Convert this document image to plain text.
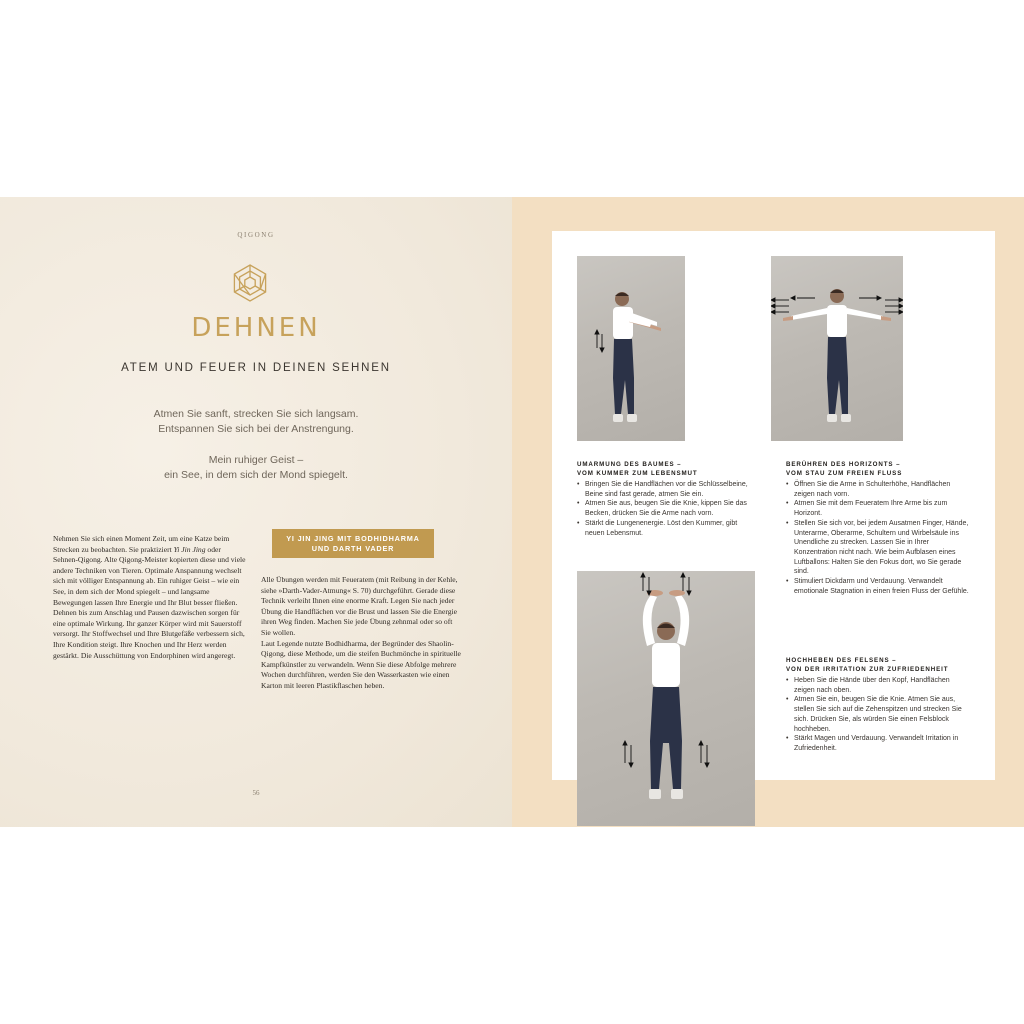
QIGONG
DEHNEN
ATEM UND FEUER IN DEINEN SEHNEN
Atmen Sie sanft, strecken Sie sich langsam.
Entspannen Sie sich bei der Anstrengung.
Mein ruhiger Geist –
ein See, in dem sich der Mond spiegelt.

Nehmen Sie sich einen Moment Zeit, um eine Katze beim Strecken zu beobachten. Sie praktiziert Yi Jin Jing oder Sehnen-Qigong. Alte Qigong-Meister kopierten diese und viele andere Techniken von Tieren. Optimale Anspannung wechselt sich mit völliger Entspannung ab. Ein ruhiger Geist – wie ein See, in dem sich der Mond spiegelt – und langsame Bewegungen lassen Ihre Energie und Ihr Blut besser fließen. Dehnen bis zum Anschlag und Pausen dazwischen sorgen für eine optimale Wirkung. Ihr ganzer Körper wird mit Sauerstoff versorgt. Ihr Stoffwechsel und Ihre Blutgefäße verbessern sich, Ihre Kondition steigt. Ihre Knochen und Ihr Herz werden gestärkt. Die Ausschüttung von Endorphinen wird angeregt.

YI JIN JING MIT BODHIDHARMA
UND DARTH VADER

Alle Übungen werden mit Feueratem (mit Reibung in der Kehle, siehe »Darth-Vader-Atmung« S. 70) durchgeführt. Gerade diese Technik verleiht Ihnen eine enorme Kraft. Legen Sie nach jeder Übung die Handflächen vor die Brust und lassen Sie die Energie ihren Weg finden. Machen Sie jede Übung zehnmal oder so oft Sie wollen.

Laut Legende nutzte Bodhidharma, der Begründer des Shaolin-Qigong, diese Methode, um die steifen Buchmönche in spirituelle Kampfkünstler zu verwandeln. Wenn Sie diese Abfolge mehrere Wochen durchführen, werden Sie den Wasserkasten wie einen Karton mit leeren Plastikflaschen heben.

56
UMARMUNG DES BAUMES –
VOM KUMMER ZUM LEBENSMUT
• Bringen Sie die Handflächen vor die Schlüsselbeine, Beine sind fast gerade, atmen Sie ein.
• Atmen Sie aus, beugen Sie die Knie, kippen Sie das Becken, drücken Sie die Arme nach vorn.
• Stärkt die Lungenenergie. Löst den Kummer, gibt neuen Lebensmut.
BERÜHREN DES HORIZONTS –
VOM STAU ZUM FREIEN FLUSS
• Öffnen Sie die Arme in Schulterhöhe, Handflächen zeigen nach vorn.
• Atmen Sie mit dem Feueratem Ihre Arme bis zum Horizont.
• Stellen Sie sich vor, bei jedem Ausatmen Finger, Hände, Unterarme, Oberarme, Schultern und Wirbelsäule ins Unendliche zu strecken. Lassen Sie in Ihrer Konzentration nicht nach. Wie beim Aufblasen eines Luftballons: Halten Sie den Fokus dort, wo Sie gerade sind.
• Stimuliert Dickdarm und Verdauung. Verwandelt emotionale Stagnation in einen freien Fluss der Gefühle.
HOCHHEBEN DES FELSENS –
VON DER IRRITATION ZUR ZUFRIEDENHEIT
• Heben Sie die Hände über den Kopf, Handflächen zeigen nach oben.
• Atmen Sie ein, beugen Sie die Knie. Atmen Sie aus, stellen Sie sich auf die Zehenspitzen und strecken Sie sich. Drücken Sie, als würden Sie einen Felsblock hochheben.
• Stärkt Magen und Verdauung. Verwandelt Irritation in Zufriedenheit.
